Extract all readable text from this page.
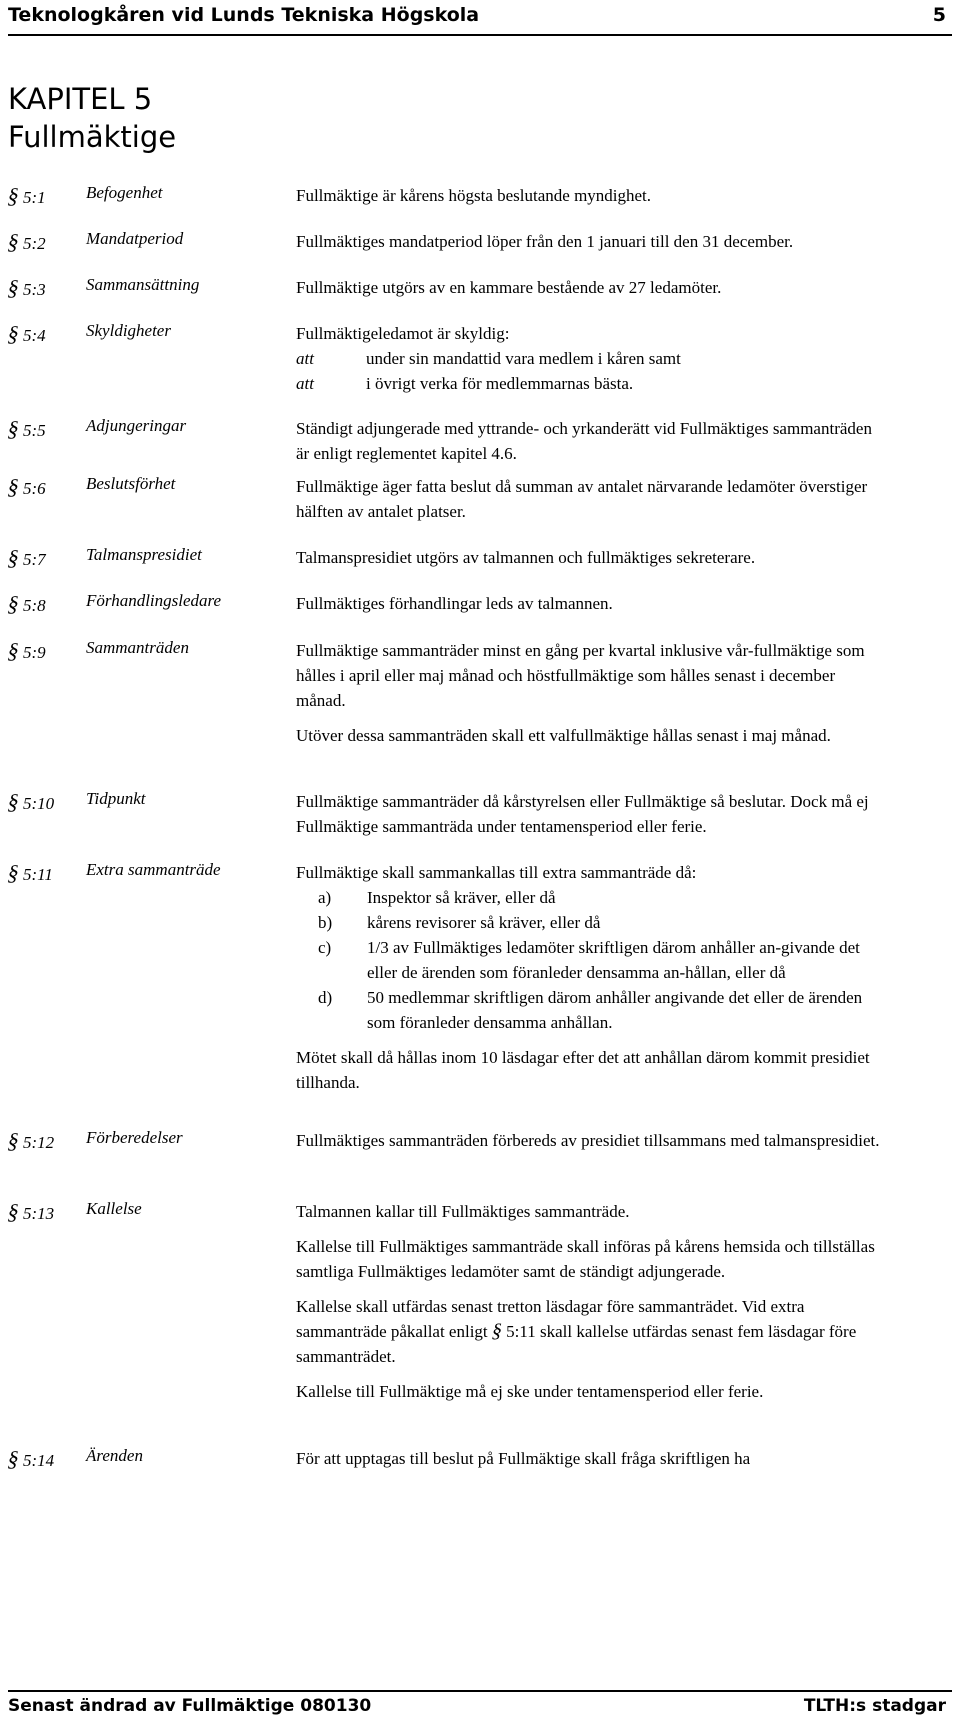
Teknologkåren vid Lunds Tekniska Högskola	5
KAPITEL 5
Fullmäktige
§5:1 Befogenhet	Fullmäktige är kårens högsta beslutande myndighet.
§5:2 Mandatperiod	Fullmäktiges mandatperiod löper från den 1 januari till den 31 december.
§5:3 Sammansättning	Fullmäktige utgörs av en kammare bestående av 27 ledamöter.
§5:4 Skyldigheter	Fullmäktigeledamot är skyldig:

att	under sin mandattid vara medlem i kåren samt
att	i övrigt verka för medlemmarnas bästa.
§5:5 Adjungeringar	Ständigt adjungerade med yttrande- och yrkanderätt vid Fullmäktiges sammanträden är enligt reglementet kapitel 4.6.
§5:6 Beslutsförhet	Fullmäktige äger fatta beslut då summan av antalet närvarande ledamöter överstiger hälften av antalet platser.
§5:7 Talmanspresidiet	Talmanspresidiet utgörs av talmannen och fullmäktiges sekreterare.
§5:8 Förhandlingsledare	Fullmäktiges förhandlingar leds av talmannen.
§5:9 Sammanträden	Fullmäktige sammanträder minst en gång per kvartal inklusive vår-fullmäktige som hålles i april eller maj månad och höstfullmäktige som hålles senast i december månad.

Utöver dessa sammanträden skall ett valfullmäktige hållas senast i maj månad.

§5:10 Tidpunkt	Fullmäktige sammanträder då kårstyrelsen eller Fullmäktige så beslutar. Dock må ej Fullmäktige sammanträda under tentamensperiod eller ferie.
§5:11 Extra sammanträde	Fullmäktige skall sammankallas till extra sammanträde då:

a) Inspektor så kräver, eller då
b) kårens revisorer så kräver, eller då
c) 1/3 av Fullmäktiges ledamöter skriftligen därom anhåller an-givande det eller de ärenden som föranleder densamma an-hållan, eller då
d) 50 medlemmar skriftligen därom anhåller angivande det eller de ärenden som föranleder densamma anhållan.

Mötet skall då hållas inom 10 läsdagar efter det att anhållan därom kommit presidiet tillhanda.

§5:12 Förberedelser	Fullmäktiges sammanträden förbereds av presidiet tillsammans med talmanspresidiet.
§5:13 Kallelse	Talmannen kallar till Fullmäktiges sammanträde.

Kallelse till Fullmäktiges sammanträde skall införas på kårens hemsida och tillställas samtliga Fullmäktiges ledamöter samt de ständigt adjungerade.

Kallelse skall utfärdas senast tretton läsdagar före sammanträdet. Vid extra sammanträde påkallat enligt § 5:11 skall kallelse utfärdas senast fem läsdagar före sammanträdet.

Kallelse till Fullmäktige må ej ske under tentamensperiod eller ferie.

§5:14 Ärenden	För att upptagas till beslut på Fullmäktige skall fråga skriftligen ha
Senast ändrad av Fullmäktige 080130	TLTH:s stadgar
